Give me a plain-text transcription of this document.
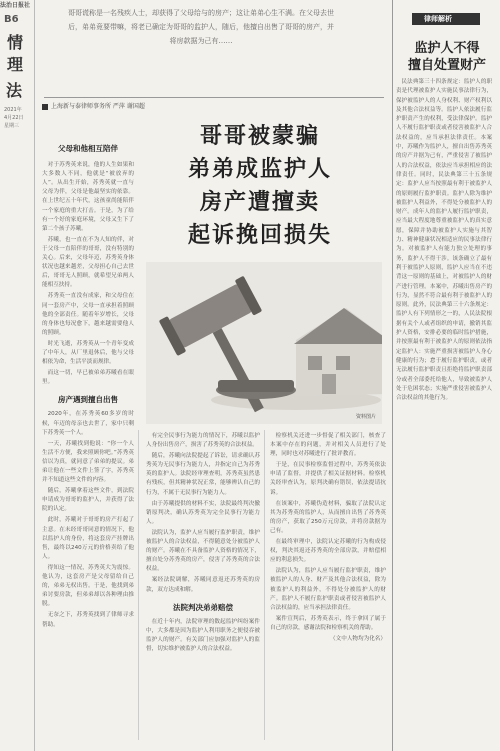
法治日报社
B6
情
理
法
2021年
4月22日
星期三
哥哥谎称是一名残疾人士，却获得了父母给与的房产；这让弟弟心生不满。在父母去世后，弟弟竟要带嘛，将老已确定为哥哥的监护人，随后，他擅自出售了哥哥的房产，并将房款据为己有……
上海新与泰律师事务所 严萍 谢国超
哥哥被蒙骗
弟弟成监护人
房产遭擅卖
起诉挽回损失
资料图片
父母和他相互陪伴

对于苏秀英来说，他的人生如果和大多数人不同，他就是“被放弃的人”。从出生开始，苏秀英就一直与父母为伴，父母是他最坚实的依靠。在上世纪五十年代，这孩童尚能陪伴一个家庭的重大打击。于是，为了给有一个好的家庭环境，父母又生下了第二个孩子苏曦。

苏曦，也一直在不为人知的伴，对于父母一直陪伴的哥哥，没有特别的关心。后来，父母年迈，苏秀英身体状况也越来越差，父母担心自己去世后，哥哥无人照顾，就希望兄弟两人能相互扶持。

苏秀英一直没有成家，和父母住在同一套房产中，父母一直承担着照顾他的全部责任。随着年岁增长，父母的身体也每况愈下，越来越需要他人的照顾。

时光飞逝，苏秀英从一个青年变成了中年人，从厂里退休后，他与父母相依为命，生活平淡而规律。

而这一切，早已被弟弟苏曦看在眼里。

房产遇到擅自出售

2020年，在苏秀英60多岁的时候，年迈的母亲也去世了，家中只剩下苏秀英一个人。

一天，苏曦找到他说：“你一个人生活不方便，我来照顾你吧。”苏秀英信以为真，就同意了弟弟的提议。弟弟让他在一些文件上签了字，苏秀英并不知道这些文件的内容。

随后，苏曦拿着这些文件，到法院申请成为哥哥的监护人，并获得了法院的认定。

此时，苏曦对于哥哥的房产打起了主意。在未经哥哥同意的情况下，他以监护人的身份，将这套房产挂牌出售，最终以240万元的价格卖给了他人。

得知这一情况，苏秀英大为震惊。他认为，这套房产是父母留给自己的，弟弟无权出售。于是，他找到弟弟讨要房款，但弟弟却以各种理由推脱。

无奈之下，苏秀英找到了律师寻求帮助。

有完全民事行为能力的情况下，苏曦以监护人身份出售房产，损害了苏秀英的合法权益。

随后，苏曦向法院提起了诉讼，请求确认苏秀英为无民事行为能力人，并指定自己为苏秀英的监护人。法院经审理查明，苏秀英虽然患有残疾，但其精神状况正常，能够辨认自己的行为，不属于无民事行为能力人。

由于苏曦提供的材料不实，法院最终判决撤销原判决，确认苏秀英为完全民事行为能力人。

法院认为，监护人应当履行监护职责，维护被监护人的合法权益，不得随意处分被监护人的财产。苏曦在不具备监护人资格的情况下，擅自处分苏秀英的房产，侵害了苏秀英的合法权益。

案经法院调解，苏曦同意返还苏秀英的房款，双方达成和解。

法院判决弟弟赔偿

在近十年内，法院审理的数起监护纠纷案件中，大多都是因为监护人利用职务之便侵吞被监护人的财产。有关部门应加强对监护人的监督，切实维护被监护人的合法权益。

检察机关还进一步督促了相关部门，核查了本案中存在的问题，并对相关人员进行了处理，同时也对苏曦进行了批评教育。

于是，在民事检察监督过程中，苏秀英依法申请了监督，并提供了相关证据材料。检察机关经审查认为，原判决确有错误，依法提请抗诉。

在该案中，苏曦伪造材料，骗取了法院认定其为苏秀英的监护人，从而擅自出售了苏秀英的房产，获取了250万元房款，并将房款据为己有。

在最终审理中，法院认定苏曦的行为构成侵权，判决其返还苏秀英的全部房款，并赔偿相应的利息损失。

法院认为，监护人应当履行监护职责，维护被监护人的人身、财产及其他合法权益，除为被监护人的利益外，不得处分被监护人的财产。监护人不履行监护职责或者侵害被监护人合法权益的，应当承担法律责任。

案件宣判后，苏秀英表示，终于拿回了属于自己的房款，感谢法院和检察机关的帮助。

（文中人物均为化名）

律师解析
监护人不得
擅自处置财产
民法典第三十四条规定：监护人的职责是代理被监护人实施民事法律行为，保护被监护人的人身权利、财产权利以及其他合法权益等。监护人依法履行监护职责产生的权利，受法律保护。监护人不履行监护职责或者侵害被监护人合法权益的，应当承担法律责任。本案中，苏曦作为监护人，擅自出售苏秀英的房产并据为己有，严重侵害了被监护人的合法权益，依法应当承担相应的法律责任。同时，民法典第三十五条规定：监护人应当按照最有利于被监护人的原则履行监护职责。监护人除为维护被监护人利益外，不得处分被监护人的财产。成年人的监护人履行监护职责，应当最大程度地尊重被监护人的真实意愿，保障并协助被监护人实施与其智力、精神健康状况相适应的民事法律行为。对被监护人有能力独立处理的事务，监护人不得干涉。该条确立了最有利于被监护人原则，监护人应当在不违背这一原则的基础上，对被监护人的财产进行管理。本案中，苏曦出售房产的行为，显然不符合最有利于被监护人的原则。此外，民法典第三十六条规定：监护人有下列情形之一的，人民法院根据有关个人或者组织的申请，撤销其监护人资格，安排必要的临时监护措施，并按照最有利于被监护人的原则依法指定监护人：实施严重损害被监护人身心健康的行为；怠于履行监护职责，或者无法履行监护职责且拒绝将监护职责部分或者全部委托给他人，导致被监护人处于危困状态；实施严重侵害被监护人合法权益的其他行为。
